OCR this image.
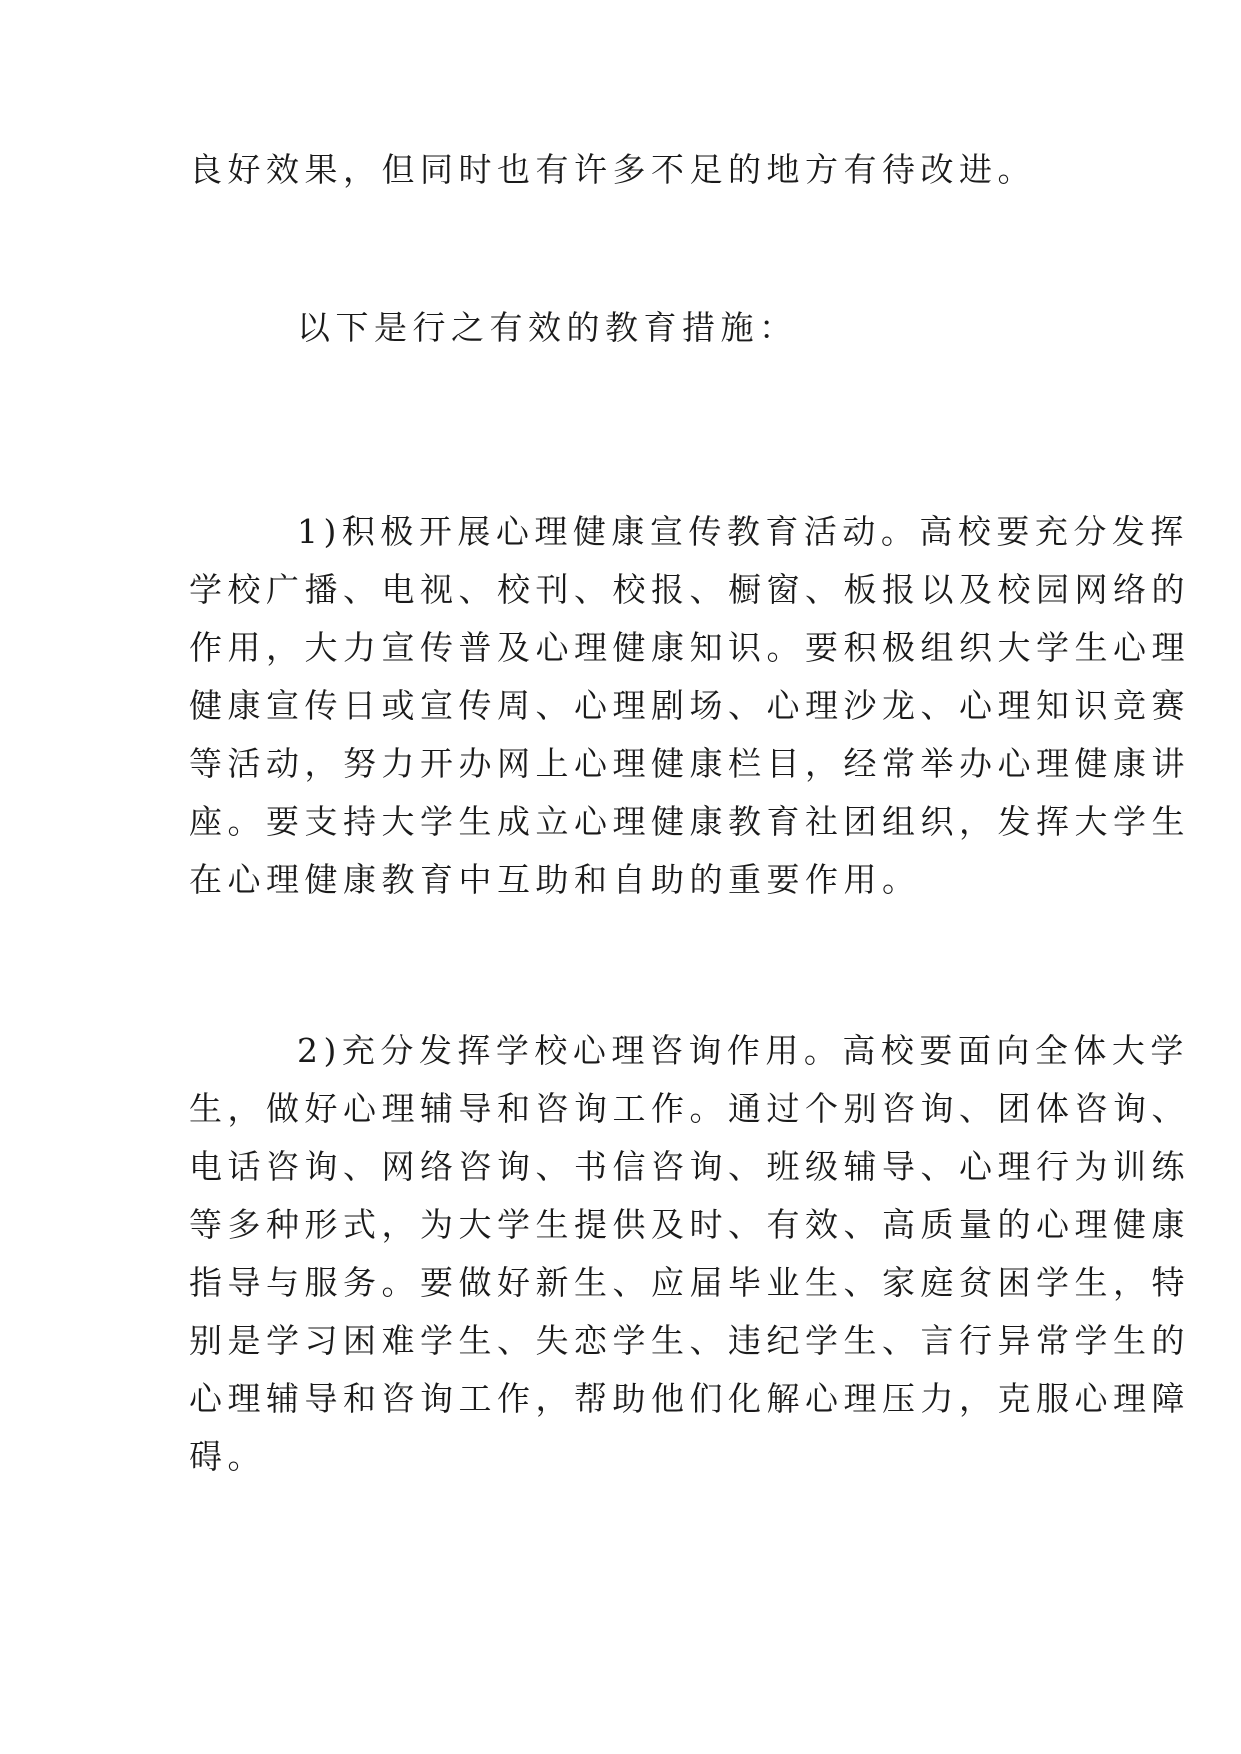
良好效果，但同时也有许多不足的地方有待改进。

以下是行之有效的教育措施：

1)积极开展心理健康宣传教育活动。高校要充分发挥

学校广播、电视、校刊、校报、橱窗、板报以及校园网络的

作用，大力宣传普及心理健康知识。要积极组织大学生心理

健康宣传日或宣传周、心理剧场、心理沙龙、心理知识竞赛

等活动，努力开办网上心理健康栏目，经常举办心理健康讲

座。要支持大学生成立心理健康教育社团组织，发挥大学生

在心理健康教育中互助和自助的重要作用。

2)充分发挥学校心理咨询作用。高校要面向全体大学

生，做好心理辅导和咨询工作。通过个别咨询、团体咨询、

电话咨询、网络咨询、书信咨询、班级辅导、心理行为训练

等多种形式，为大学生提供及时、有效、高质量的心理健康

指导与服务。要做好新生、应届毕业生、家庭贫困学生，特

别是学习困难学生、失恋学生、违纪学生、言行异常学生的

心理辅导和咨询工作，帮助他们化解心理压力，克服心理障

碍。
